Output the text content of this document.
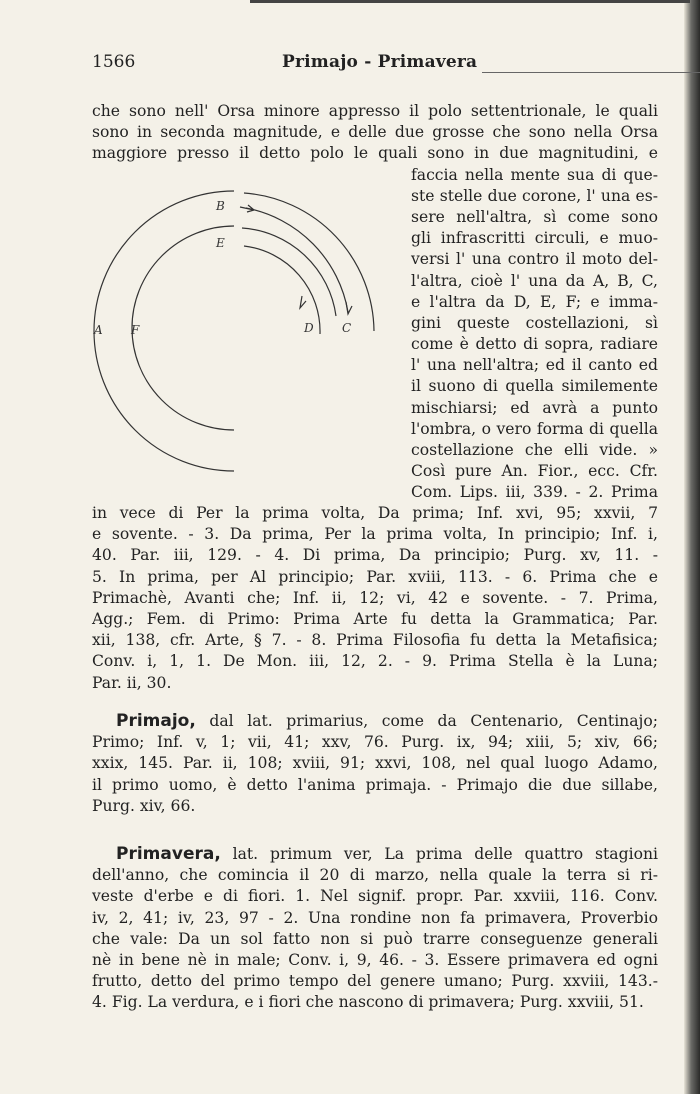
1566	Primajo - Primavera
che sono nell' Orsa minore appresso il polo settentrionale, le quali
sono in seconda magnitude, e delle due grosse che sono nella Orsa
maggiore presso il detto polo le quali sono in due magnitudini, e
B
E
A F	D C
faccia nella mente sua di que-
ste stelle due corone, l' una es-
sere nell'altra, sì come sono
gli infrascritti circuli, e muo-
versi l' una contro il moto del-
l'altra, cioè l' una da A, B, C,
e l'altra da D, E, F; e imma-
gini queste costellazioni, sì
come è detto di sopra, radiare
l' una nell'altra; ed il canto ed
il suono di quella similemente
mischiarsi; ed avrà a punto
l'ombra, o vero forma di quella
costellazione che elli vide. »
Così pure An. Fior., ecc. Cfr.
Com. Lips. iii, 339. - 2. Prima
in vece di Per la prima volta, Da prima; Inf. xvi, 95; xxvii, 7
e sovente. - 3. Da prima, Per la prima volta, In principio; Inf. i,
40. Par. iii, 129. - 4. Di prima, Da principio; Purg. xv, 11. -
5. In prima, per Al principio; Par. xviii, 113. - 6. Prima che e
Primachè, Avanti che; Inf. ii, 12; vi, 42 e sovente. - 7. Prima,
Agg.; Fem. di Primo: Prima Arte fu detta la Grammatica; Par.
xii, 138, cfr. Arte, § 7. - 8. Prima Filosofia fu detta la Metafisica;
Conv. i, 1, 1. De Mon. iii, 12, 2. - 9. Prima Stella è la Luna;
Par. ii, 30.
Primajo, dal lat. primarius, come da Centenario, Centinajo;
Primo; Inf. v, 1; vii, 41; xxv, 76. Purg. ix, 94; xiii, 5; xiv, 66;
xxix, 145. Par. ii, 108; xviii, 91; xxvi, 108, nel qual luogo Adamo,
il primo uomo, è detto l'anima primaja. - Primajo die due sillabe,
Purg. xiv, 66.
Primavera, lat. primum ver, La prima delle quattro stagioni
dell'anno, che comincia il 20 di marzo, nella quale la terra si ri-
veste d'erbe e di fiori. 1. Nel signif. propr. Par. xxviii, 116. Conv.
iv, 2, 41; iv, 23, 97 - 2. Una rondine non fa primavera, Proverbio
che vale: Da un sol fatto non si può trarre conseguenze generali
nè in bene nè in male; Conv. i, 9, 46. - 3. Essere primavera ed ogni
frutto, detto del primo tempo del genere umano; Purg. xxviii, 143.-
4. Fig. La verdura, e i fiori che nascono di primavera; Purg. xxviii, 51.
